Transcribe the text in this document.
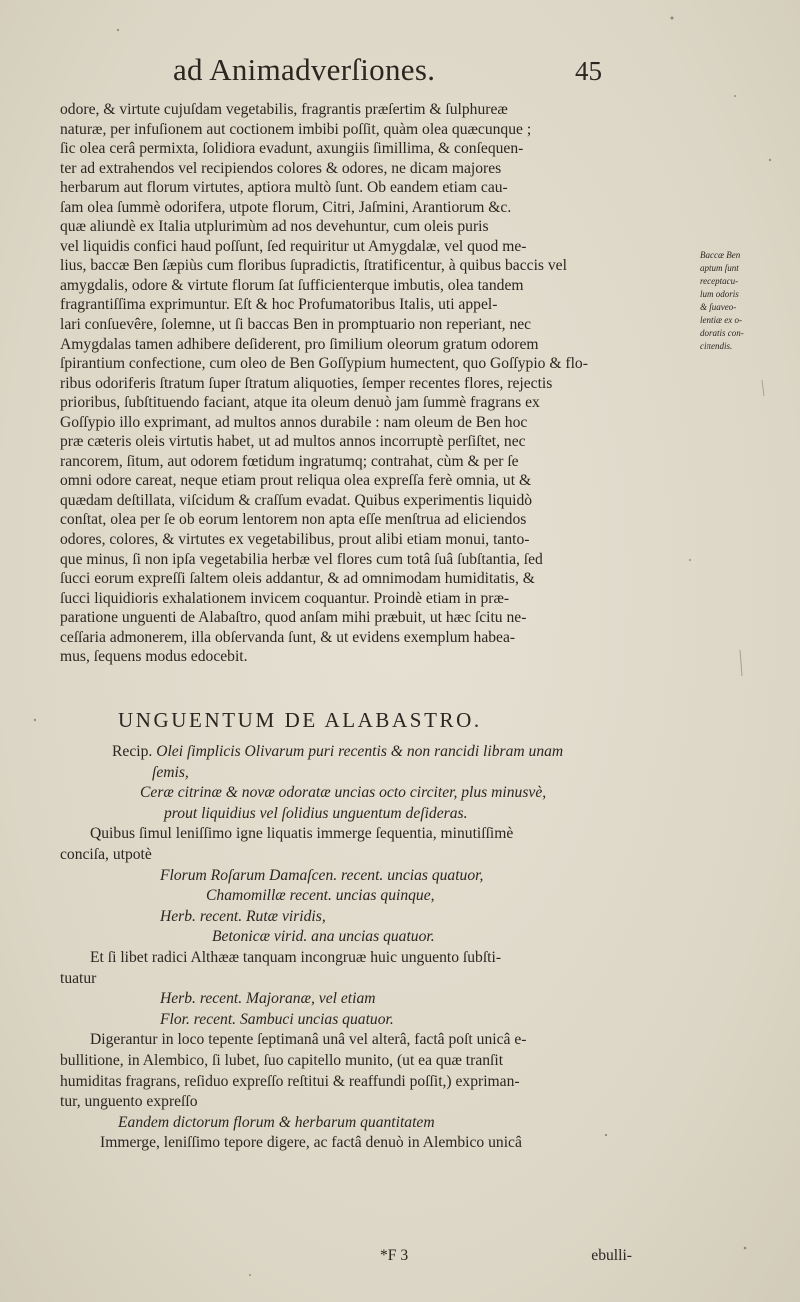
ad Animadverſiones.	45
odore, & virtute cujuſdam vegetabilis, fragrantis præſertim & ſulphureæ
naturæ, per infuſionem aut coctionem imbibi poſſit, quàm olea quæcunque ;
ſic olea cerâ permixta, ſolidiora evadunt, axungiis ſimillima, & conſequen-
ter ad extrahendos vel recipiendos colores & odores, ne dicam majores
herbarum aut florum virtutes, aptiora multò ſunt. Ob eandem etiam cau-
ſam olea ſummè odorifera, utpote florum, Citri, Jaſmini, Arantiorum &c.
quæ aliundè ex Italia utplurimùm ad nos devehuntur, cum oleis puris
vel liquidis confici haud poſſunt, ſed requiritur ut Amygdalæ, vel quod me-
lius, baccæ Ben ſæpiùs cum floribus ſupradictis, ſtratificentur, à quibus baccis vel
amygdalis, odore & virtute florum ſat ſufficienterque imbutis, olea tandem
fragrantiſſima exprimuntur. Eſt & hoc Profumatoribus Italis, uti appel-
lari conſuevêre, ſolemne, ut ſi baccas Ben in promptuario non reperiant, nec
Amygdalas tamen adhibere deſiderent, pro ſimilium oleorum gratum odorem
ſpirantium confectione, cum oleo de Ben Goſſypium humectent, quo Goſſypio & flo-
ribus odoriferis ſtratum ſuper ſtratum aliquoties, ſemper recentes flores, rejectis
prioribus, ſubſtituendo faciant, atque ita oleum denuò jam ſummè fragrans ex
Goſſypio illo exprimant, ad multos annos durabile : nam oleum de Ben hoc
præ cæteris oleis virtutis habet, ut ad multos annos incorruptè perſiſtet, nec
rancorem, ſitum, aut odorem fœtidum ingratumq; contrahat, cùm & per ſe
omni odore careat, neque etiam prout reliqua olea expreſſa ferè omnia, ut &
quædam deſtillata, viſcidum & craſſum evadat. Quibus experimentis liquidò
conſtat, olea per ſe ob eorum lentorem non apta eſſe menſtrua ad eliciendos
odores, colores, & virtutes ex vegetabilibus, prout alibi etiam monui, tanto-
que minus, ſi non ipſa vegetabilia herbæ vel flores cum totâ ſuâ ſubſtantia, ſed
ſucci eorum expreſſi ſaltem oleis addantur, & ad omnimodam humiditatis, &
ſucci liquidioris exhalationem invicem coquantur. Proindè etiam in præ-
paratione unguenti de Alabaſtro, quod anſam mihi præbuit, ut hæc ſcitu ne-
ceſſaria admonerem, illa obſervanda ſunt, & ut evidens exemplum habea-
mus, ſequens modus edocebit.
UNGUENTUM DE ALABASTRO.
Recip. Olei ſimplicis Olivarum puri recentis & non rancidi libram unam
ſemis,
Ceræ citrinæ & novæ odoratæ uncias octo circiter, plus minusvè,
prout liquidius vel ſolidius unguentum deſideras.
Quibus ſimul leniſſimo igne liquatis immerge ſequentia, minutiſſimè
conciſa, utpotè
Florum Roſarum Damaſcen. recent. uncias quatuor,
Chamomillæ recent. uncias quinque,
Herb. recent. Rutæ viridis,
Betonicæ virid. ana uncias quatuor.
Et ſi libet radici Althææ tanquam incongruæ huic unguento ſubſti-
tuatur
Herb. recent. Majoranæ, vel etiam
Flor. recent. Sambuci uncias quatuor.
Digerantur in loco tepente ſeptimanâ unâ vel alterâ, factâ poſt unicâ e-
bullitione, in Alembico, ſi lubet, ſuo capitello munito, (ut ea quæ tranſit
humiditas fragrans, reſiduo expreſſo reſtitui & reaffundi poſſit,) expriman-
tur, unguento expreſſo
Eandem dictorum florum & herbarum quantitatem
Immerge, leniſſimo tepore digere, ac factâ denuò in Alembico unicâ
Baccæ Ben
aptum ſunt
receptacu-
lum odoris
& ſuaveo-
lentiæ ex o-
doratis con-
ciπendis.
*F 3	ebulli-
